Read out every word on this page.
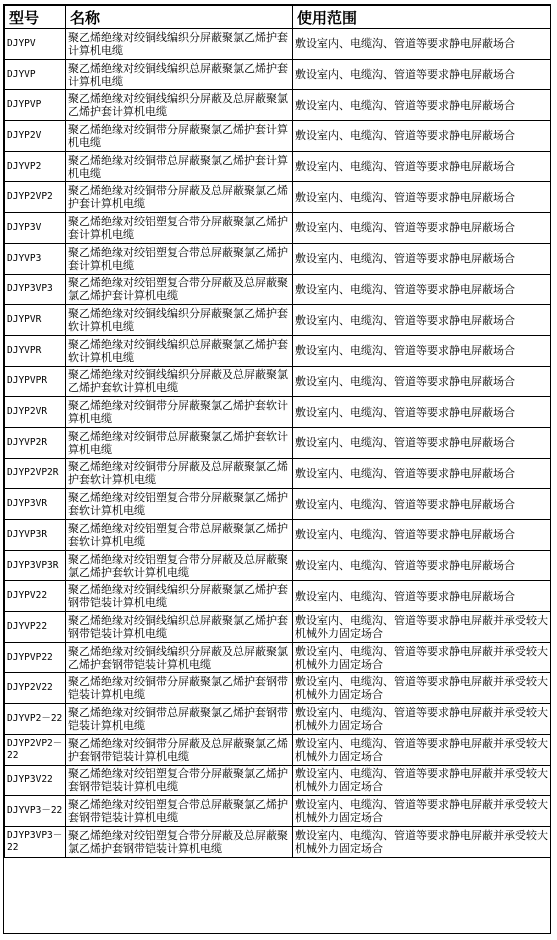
型号	名称	使用范围
DJYPV	聚乙烯绝缘对绞铜线编织分屏蔽聚氯乙烯护套计算机电缆	敷设室内、电缆沟、管道等要求静电屏蔽场合
DJYVP	聚乙烯绝缘对绞铜线编织总屏蔽聚氯乙烯护套计算机电缆	敷设室内、电缆沟、管道等要求静电屏蔽场合
DJYPVP	聚乙烯绝缘对绞铜线编织分屏蔽及总屏蔽聚氯乙烯护套计算机电缆	敷设室内、电缆沟、管道等要求静电屏蔽场合
DJYP2V	聚乙烯绝缘对绞铜带分屏蔽聚氯乙烯护套计算机电缆	敷设室内、电缆沟、管道等要求静电屏蔽场合
DJYVP2	聚乙烯绝缘对绞铜带总屏蔽聚氯乙烯护套计算机电缆	敷设室内、电缆沟、管道等要求静电屏蔽场合
DJYP2VP2	聚乙烯绝缘对绞铜带分屏蔽及总屏蔽聚氯乙烯护套计算机电缆	敷设室内、电缆沟、管道等要求静电屏蔽场合
DJYP3V	聚乙烯绝缘对绞铝塑复合带分屏蔽聚氯乙烯护套计算机电缆	敷设室内、电缆沟、管道等要求静电屏蔽场合
DJYVP3	聚乙烯绝缘对绞铝塑复合带总屏蔽聚氯乙烯护套计算机电缆	敷设室内、电缆沟、管道等要求静电屏蔽场合
DJYP3VP3	聚乙烯绝缘对绞铝塑复合带分屏蔽及总屏蔽聚氯乙烯护套计算机电缆	敷设室内、电缆沟、管道等要求静电屏蔽场合
DJYPVR	聚乙烯绝缘对绞铜线编织分屏蔽聚氯乙烯护套软计算机电缆	敷设室内、电缆沟、管道等要求静电屏蔽场合
DJYVPR	聚乙烯绝缘对绞铜线编织总屏蔽聚氯乙烯护套软计算机电缆	敷设室内、电缆沟、管道等要求静电屏蔽场合
DJYPVPR	聚乙烯绝缘对绞铜线编织分屏蔽及总屏蔽聚氯乙烯护套软计算机电缆	敷设室内、电缆沟、管道等要求静电屏蔽场合
DJYP2VR	聚乙烯绝缘对绞铜带分屏蔽聚氯乙烯护套软计算机电缆	敷设室内、电缆沟、管道等要求静电屏蔽场合
DJYVP2R	聚乙烯绝缘对绞铜带总屏蔽聚氯乙烯护套软计算机电缆	敷设室内、电缆沟、管道等要求静电屏蔽场合
DJYP2VP2R	聚乙烯绝缘对绞铜带分屏蔽及总屏蔽聚氯乙烯护套软计算机电缆	敷设室内、电缆沟、管道等要求静电屏蔽场合
DJYP3VR	聚乙烯绝缘对绞铝塑复合带分屏蔽聚氯乙烯护套软计算机电缆	敷设室内、电缆沟、管道等要求静电屏蔽场合
DJYVP3R	聚乙烯绝缘对绞铝塑复合带总屏蔽聚氯乙烯护套软计算机电缆	敷设室内、电缆沟、管道等要求静电屏蔽场合
DJYP3VP3R	聚乙烯绝缘对绞铝塑复合带分屏蔽及总屏蔽聚氯乙烯护套软计算机电缆	敷设室内、电缆沟、管道等要求静电屏蔽场合
DJYPV22	聚乙烯绝缘对绞铜线编织分屏蔽聚氯乙烯护套钢带铠装计算机电缆	敷设室内、电缆沟、管道等要求静电屏蔽场合
DJYVP22	聚乙烯绝缘对绞铜线编织总屏蔽聚氯乙烯护套钢带铠装计算机电缆	敷设室内、电缆沟、管道等要求静电屏蔽并承受较大机械外力固定场合
DJYPVP22	聚乙烯绝缘对绞铜线编织分屏蔽及总屏蔽聚氯乙烯护套钢带铠装计算机电缆	敷设室内、电缆沟、管道等要求静电屏蔽并承受较大机械外力固定场合
DJYP2V22	聚乙烯绝缘对绞铜带分屏蔽聚氯乙烯护套钢带铠装计算机电缆	敷设室内、电缆沟、管道等要求静电屏蔽并承受较大机械外力固定场合
DJYVP2－22	聚乙烯绝缘对绞铜带总屏蔽聚氯乙烯护套钢带铠装计算机电缆	敷设室内、电缆沟、管道等要求静电屏蔽并承受较大机械外力固定场合
DJYP2VP2－22	聚乙烯绝缘对绞铜带分屏蔽及总屏蔽聚氯乙烯护套钢带铠装计算机电缆	敷设室内、电缆沟、管道等要求静电屏蔽并承受较大机械外力固定场合
DJYP3V22	聚乙烯绝缘对绞铝塑复合带分屏蔽聚氯乙烯护套钢带铠装计算机电缆	敷设室内、电缆沟、管道等要求静电屏蔽并承受较大机械外力固定场合
DJYVP3－22	聚乙烯绝缘对绞铝塑复合带总屏蔽聚氯乙烯护套钢带铠装计算机电缆	敷设室内、电缆沟、管道等要求静电屏蔽并承受较大机械外力固定场合
DJYP3VP3－22	聚乙烯绝缘对绞铝塑复合带分屏蔽及总屏蔽聚氯乙烯护套钢带铠装计算机电缆	敷设室内、电缆沟、管道等要求静电屏蔽并承受较大机械外力固定场合
